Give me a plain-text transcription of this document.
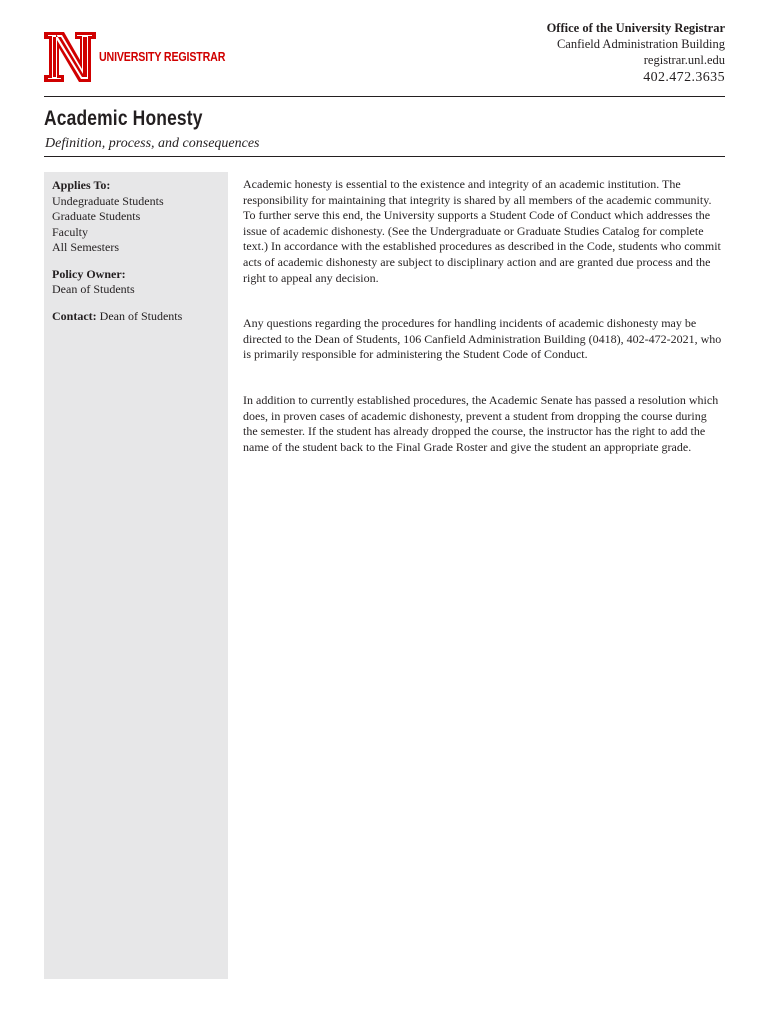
UNIVERSITY REGISTRAR
Office of the University Registrar
Canfield Administration Building
registrar.unl.edu
402.472.3635
Academic Honesty
Definition, process, and consequences
Applies To:
Undegraduate Students
Graduate Students
Faculty
All Semesters
Policy Owner:
Dean of Students
Contact: Dean of Students

Academic honesty is essential to the existence and integrity of an academic institution. The responsibility for maintaining that integrity is shared by all members of the academic community. To further serve this end, the University supports a Student Code of Conduct which addresses the issue of academic dishonesty. (See the Undergraduate or Graduate Studies Catalog for complete text.) In accordance with the established procedures as described in the Code, students who commit acts of academic dishonesty are subject to disciplinary action and are granted due process and the right to appeal any decision.

Any questions regarding the procedures for handling incidents of academic dishonesty may be directed to the Dean of Students, 106 Canfield Administration Building (0418), 402-472-2021, who is primarily responsible for administering the Student Code of Conduct.

In addition to currently established procedures, the Academic Senate has passed a resolution which does, in proven cases of academic dishonesty, prevent a student from dropping the course during the semester. If the student has already dropped the course, the instructor has the right to add the name of the student back to the Final Grade Roster and give the student an appropriate grade.
